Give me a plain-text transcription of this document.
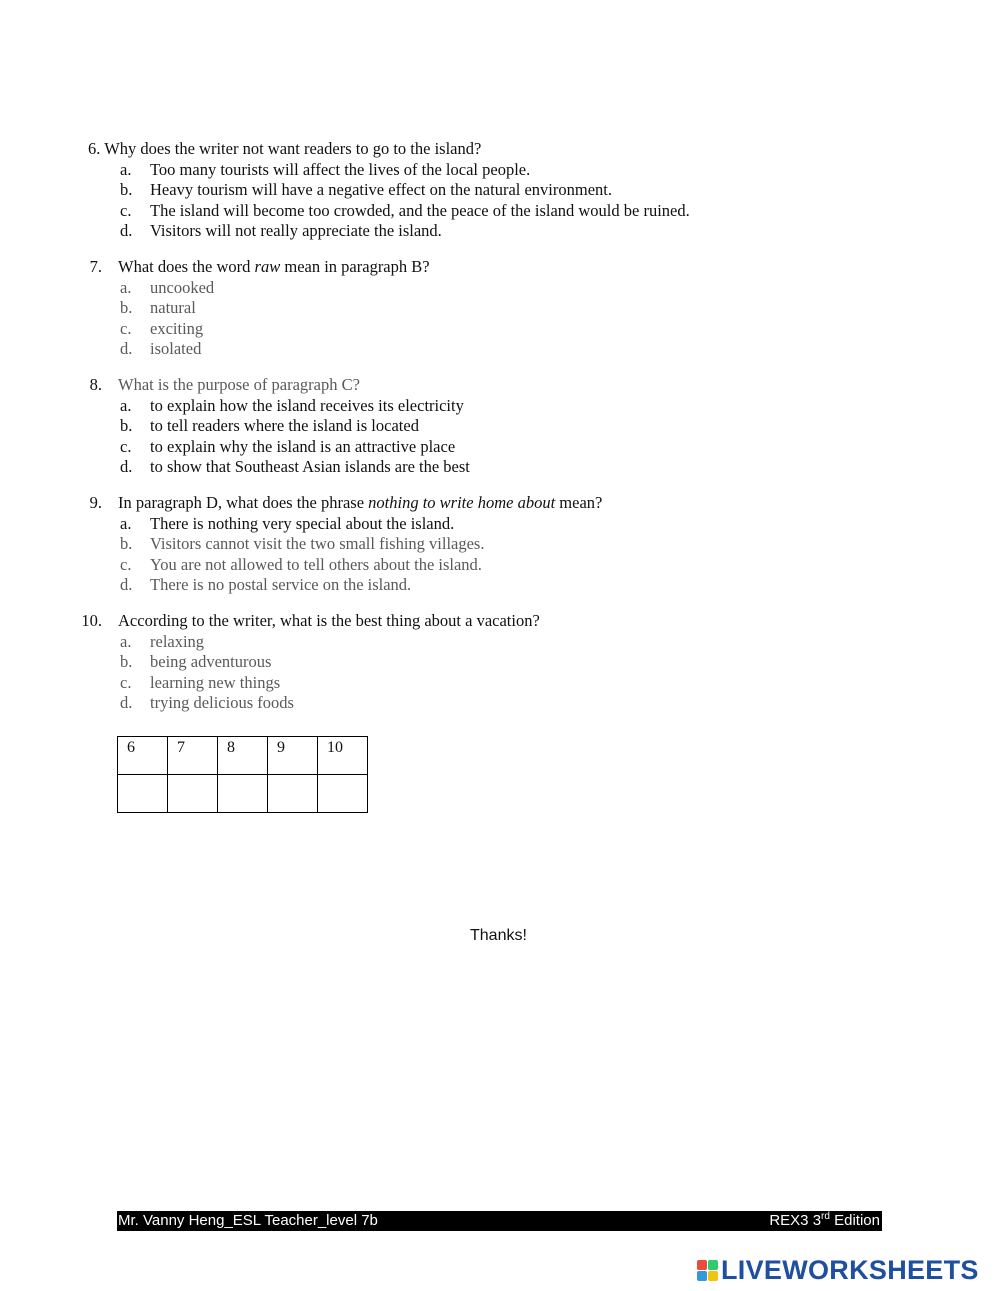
6. Why does the writer not want readers to go to the island?
a. Too many tourists will affect the lives of the local people.
b. Heavy tourism will have a negative effect on the natural environment.
c. The island will become too crowded, and the peace of the island would be ruined.
d. Visitors will not really appreciate the island.
7. What does the word raw mean in paragraph B?
a. uncooked
b. natural
c. exciting
d. isolated
8. What is the purpose of paragraph C?
a. to explain how the island receives its electricity
b. to tell readers where the island is located
c. to explain why the island is an attractive place
d. to show that Southeast Asian islands are the best
9. In paragraph D, what does the phrase nothing to write home about mean?
a. There is nothing very special about the island.
b. Visitors cannot visit the two small fishing villages.
c. You are not allowed to tell others about the island.
d. There is no postal service on the island.
10. According to the writer, what is the best thing about a vacation?
a. relaxing
b. being adventurous
c. learning new things
d. trying delicious foods
6	7	8	9	10

Thanks!
Mr. Vanny Heng_ESL Teacher_level 7b	REX3 3rd Edition
LIVEWORKSHEETS
